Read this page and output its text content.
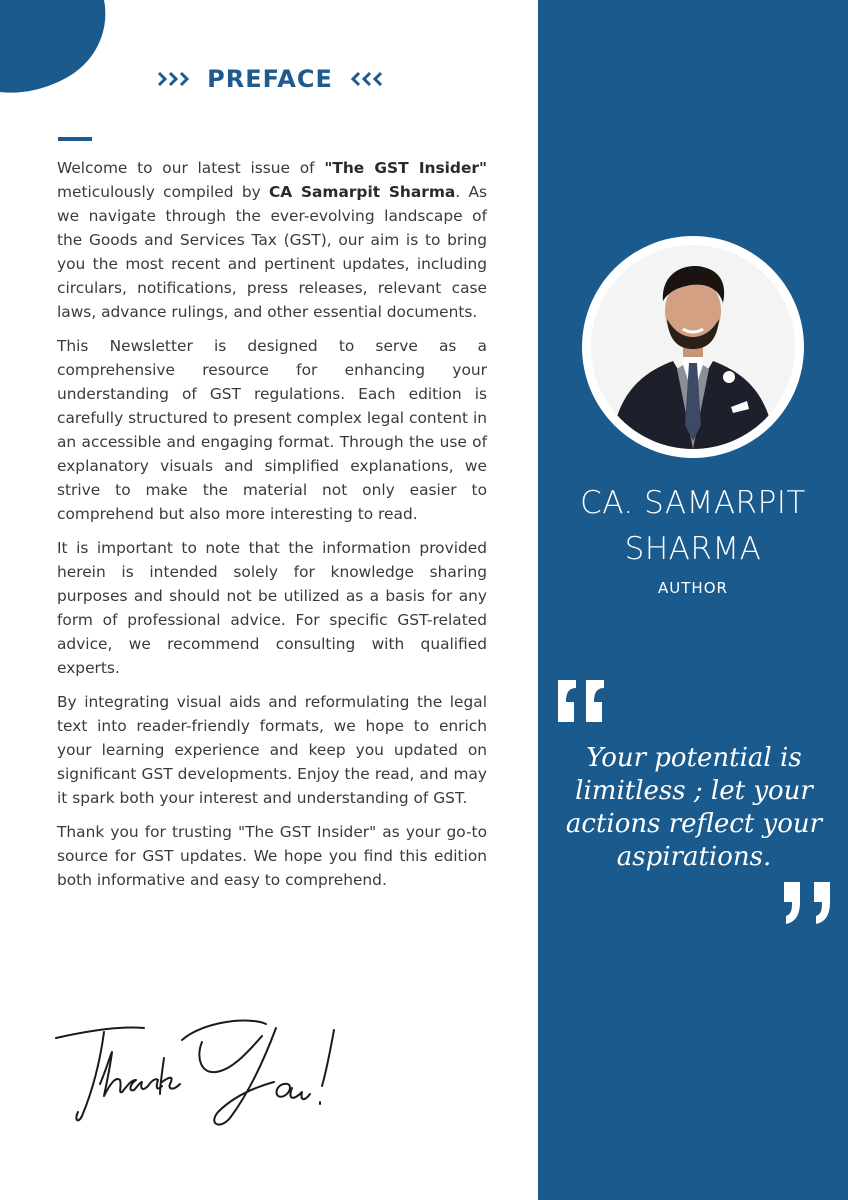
PREFACE

Welcome to our latest issue of "The GST Insider" meticulously compiled by CA Samarpit Sharma. As we navigate through the ever-evolving landscape of the Goods and Services Tax (GST), our aim is to bring you the most recent and pertinent updates, including circulars, notifications, press releases, relevant case laws, advance rulings, and other essential documents.

This Newsletter is designed to serve as a comprehensive resource for enhancing your understanding of GST regulations. Each edition is carefully structured to present complex legal content in an accessible and engaging format. Through the use of explanatory visuals and simplified explanations, we strive to make the material not only easier to comprehend but also more interesting to read.

It is important to note that the information provided herein is intended solely for knowledge sharing purposes and should not be utilized as a basis for any form of professional advice. For specific GST-related advice, we recommend consulting with qualified experts.

By integrating visual aids and reformulating the legal text into reader-friendly formats, we hope to enrich your learning experience and keep you updated on significant GST developments. Enjoy the read, and may it spark both your interest and understanding of GST.

Thank you for trusting "The GST Insider" as your go-to source for GST updates. We hope you find this edition both informative and easy to comprehend.

CA. SAMARPIT
SHARMA
AUTHOR
Your potential is limitless ; let your actions reflect your aspirations.
